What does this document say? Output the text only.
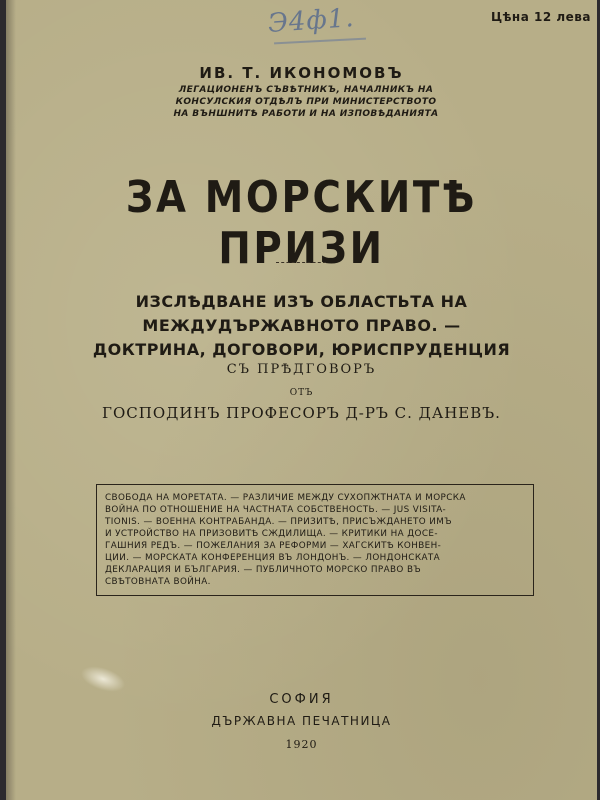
Э4ф1.	Цѣна 12 лева
ИВ. Т. ИКОНОМОВЪ
ЛЕГАЦИОНЕНЪ СЪВѢТНИКЪ, НАЧАЛНИКЪ НА
КОНСУЛСКИЯ ОТДѢЛЪ ПРИ МИНИСТЕРСТВОТО
НА ВЪНШНИТѢ РАБОТИ И НА ИЗПОВѢДАНИЯТА
ЗА МОРСКИТѢ ПРИЗИ
ИЗСЛѢДВАНЕ ИЗЪ ОБЛАСТЬТА НА МЕЖДУДЪРЖАВНОТО ПРАВО. —
ДОКТРИНА, ДОГОВОРИ, ЮРИСПРУДЕНЦИЯ
СЪ ПРѢДГОВОРЪ
ОТЪ
ГОСПОДИНЪ ПРОФЕСОРЪ Д-РЪ С. ДАНЕВЪ.
СВОБОДА НА МОРЕТАТА. — РАЗЛИЧИЕ МЕЖДУ СУХОПЖТНАТА И МОРСКА
ВОЙНА ПО ОТНОШЕНИЕ НА ЧАСТНАТА СОБСТВЕНОСТЬ. — JUS VISITA-
TIONIS. — ВОЕННА КОНТРАБАНДА. — ПРИЗИТѢ, ПРИСЪЖДАНЕТО ИМЪ
И УСТРОЙСТВО НА ПРИЗОВИТѢ СЖДИЛИЩА. — КРИТИКИ НА ДОСЕ-
ГАШНИЯ РЕДЪ. — ПОЖЕЛАНИЯ ЗА РЕФОРМИ — ХАГСКИТѢ КОНВЕН-
ЦИИ. — МОРСКАТА КОНФЕРЕНЦИЯ ВЪ ЛОНДОНЪ. — ЛОНДОНСКАТА
ДЕКЛАРАЦИЯ И БЪЛГАРИЯ. — ПУБЛИЧНОТО МОРСКО ПРАВО ВЪ
СВѢТОВНАТА ВОЙНА.
СОФИЯ
ДЪРЖАВНА ПЕЧАТНИЦА
1920
